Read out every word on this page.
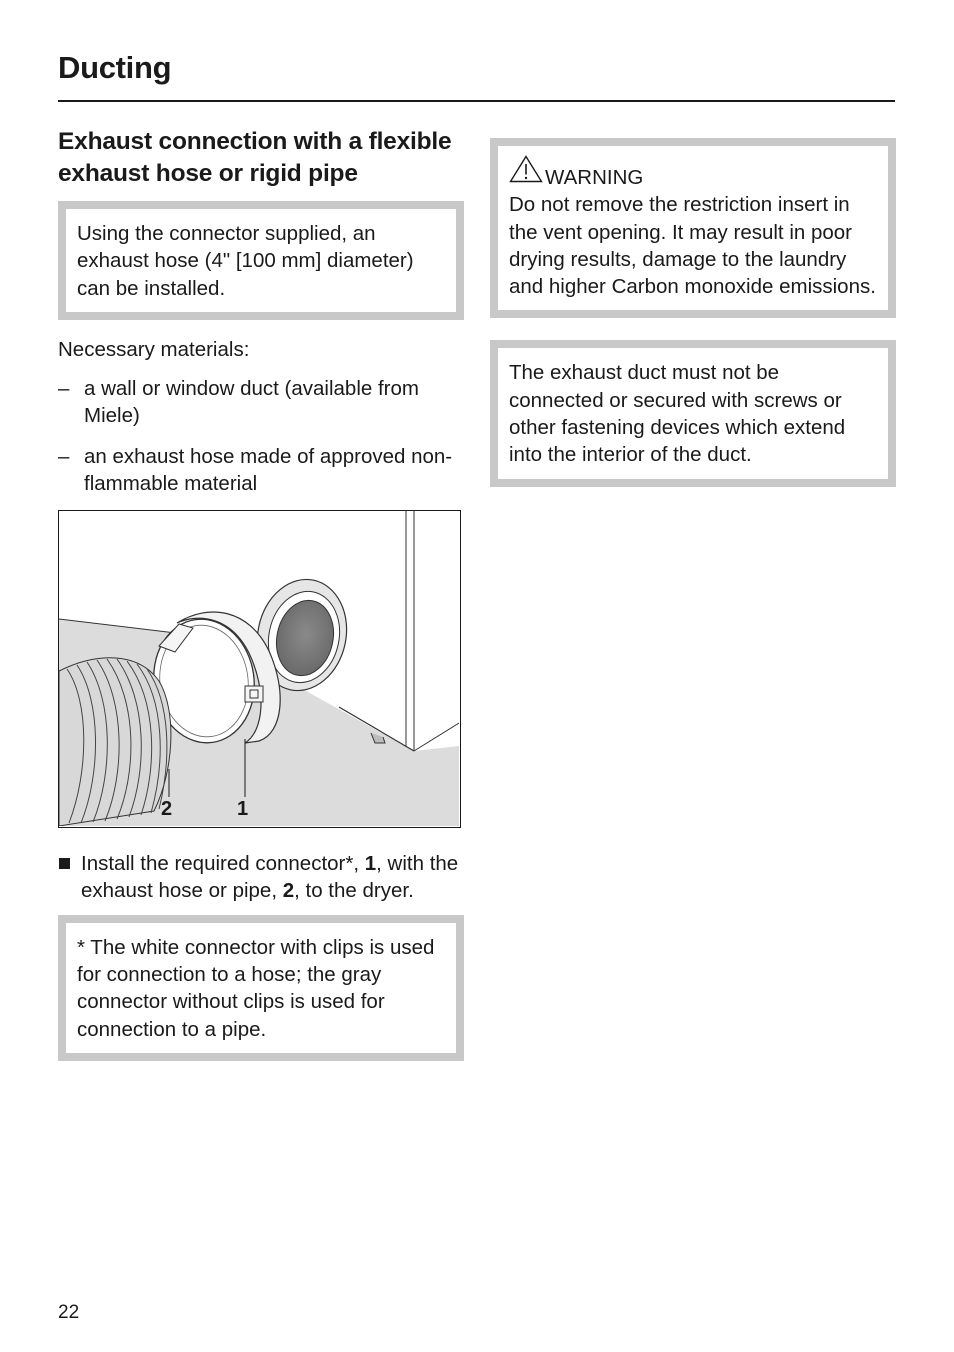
Ducting
Exhaust connection with a flexible exhaust hose or rigid pipe
Using the connector supplied, an exhaust hose (4" [100 mm] diameter) can be installed.

Necessary materials:

– a wall or window duct (available from Miele)
– an exhaust hose made of approved non-flammable material
2	1
Install the required connector*, 1, with the exhaust hose or pipe, 2, to the dryer.
* The white connector with clips is used for connection to a hose; the gray connector without clips is used for connection to a pipe.
WARNING
Do not remove the restriction insert in the vent opening. It may result in poor drying results, damage to the laundry and higher Carbon monoxide emissions.
The exhaust duct must not be connected or secured with screws or other fastening devices which extend into the interior of the duct.
22
